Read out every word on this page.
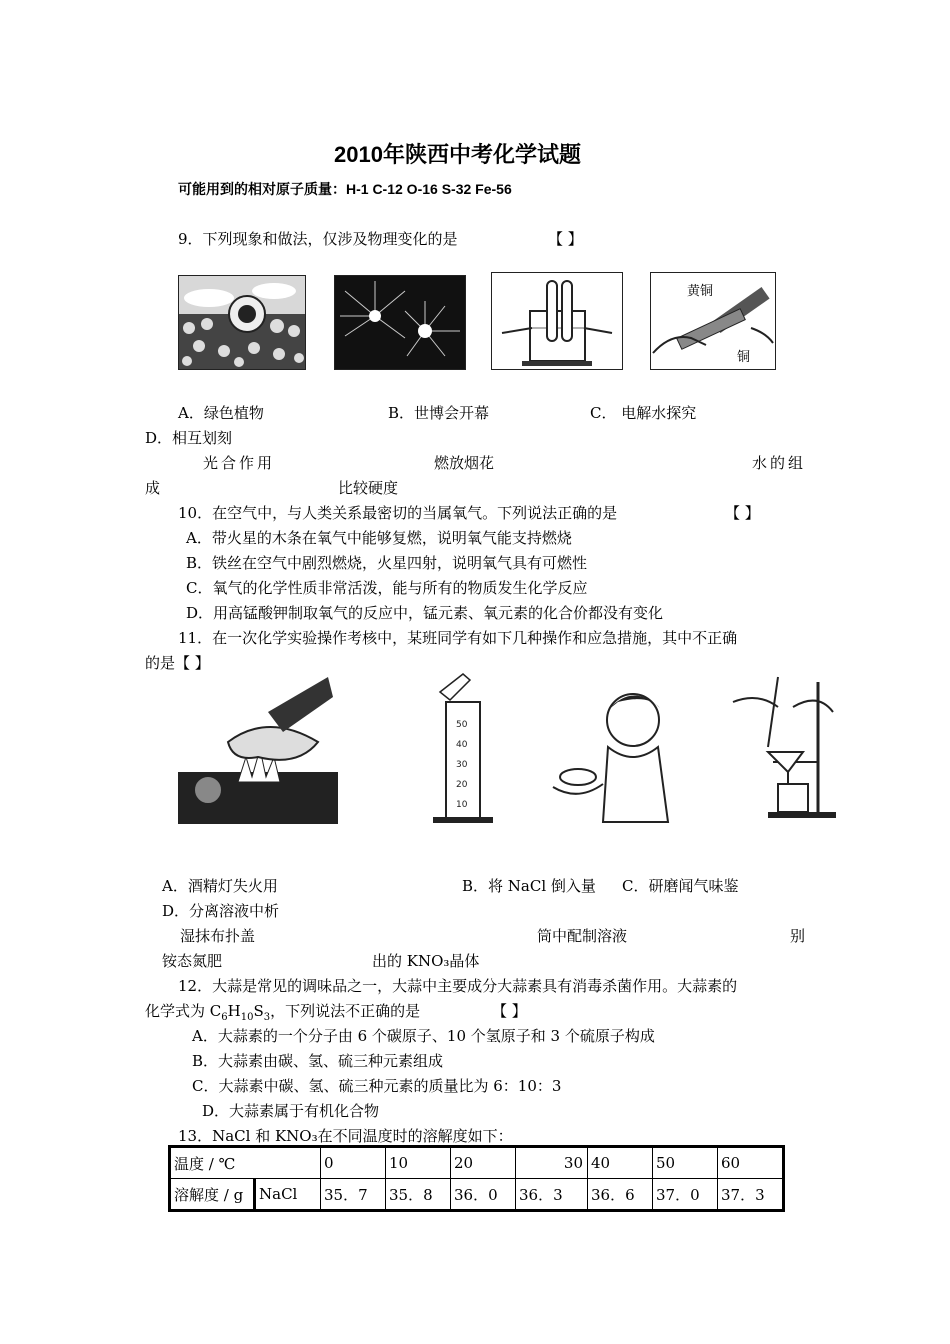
2010年陕西中考化学试题
可能用到的相对原子质量：H-1 C-12 O-16 S-32 Fe-56
9．下列现象和做法，仅涉及物理变化的是	【 】
黄铜
铜
A．绿色植物	B．世博会开幕	C． 电解水探究
D．相互划刻
光合作用	燃放烟花	水的组
成	比较硬度
10．在空气中，与人类关系最密切的当属氧气。下列说法正确的是	【 】
A．带火星的木条在氧气中能够复燃，说明氧气能支持燃烧
B．铁丝在空气中剧烈燃烧，火星四射，说明氧气具有可燃性
C．氧气的化学性质非常活泼，能与所有的物质发生化学反应
D．用高锰酸钾制取氧气的反应中，锰元素、氧元素的化合价都没有变化
11．在一次化学实验操作考核中，某班同学有如下几种操作和应急措施，其中不正确
的是【 】
50
40
30
20
10
A．酒精灯失火用	B．将 NaCl 倒入量 C．研磨闻气味鉴
D．分离溶液中析
湿抹布扑盖	筒中配制溶液	别
铵态氮肥	出的 KNO₃晶体
12．大蒜是常见的调味品之一，大蒜中主要成分大蒜素具有消毒杀菌作用。大蒜素的
化学式为 $C_6H_{10}S_3$，下列说法不正确的是	【 】
A．大蒜素的一个分子由 6 个碳原子、10 个氢原子和 3 个硫原子构成
B．大蒜素由碳、氢、硫三种元素组成
C．大蒜素中碳、氢、硫三种元素的质量比为 6：10：3
D．大蒜素属于有机化合物
13．NaCl 和 KNO₃在不同温度时的溶解度如下：
温度 / ℃		0	10	20	30	40	50	60
溶解度 / g	NaCl	35．7	35．8	36．0	36．3	36．6	37．0	37．3
